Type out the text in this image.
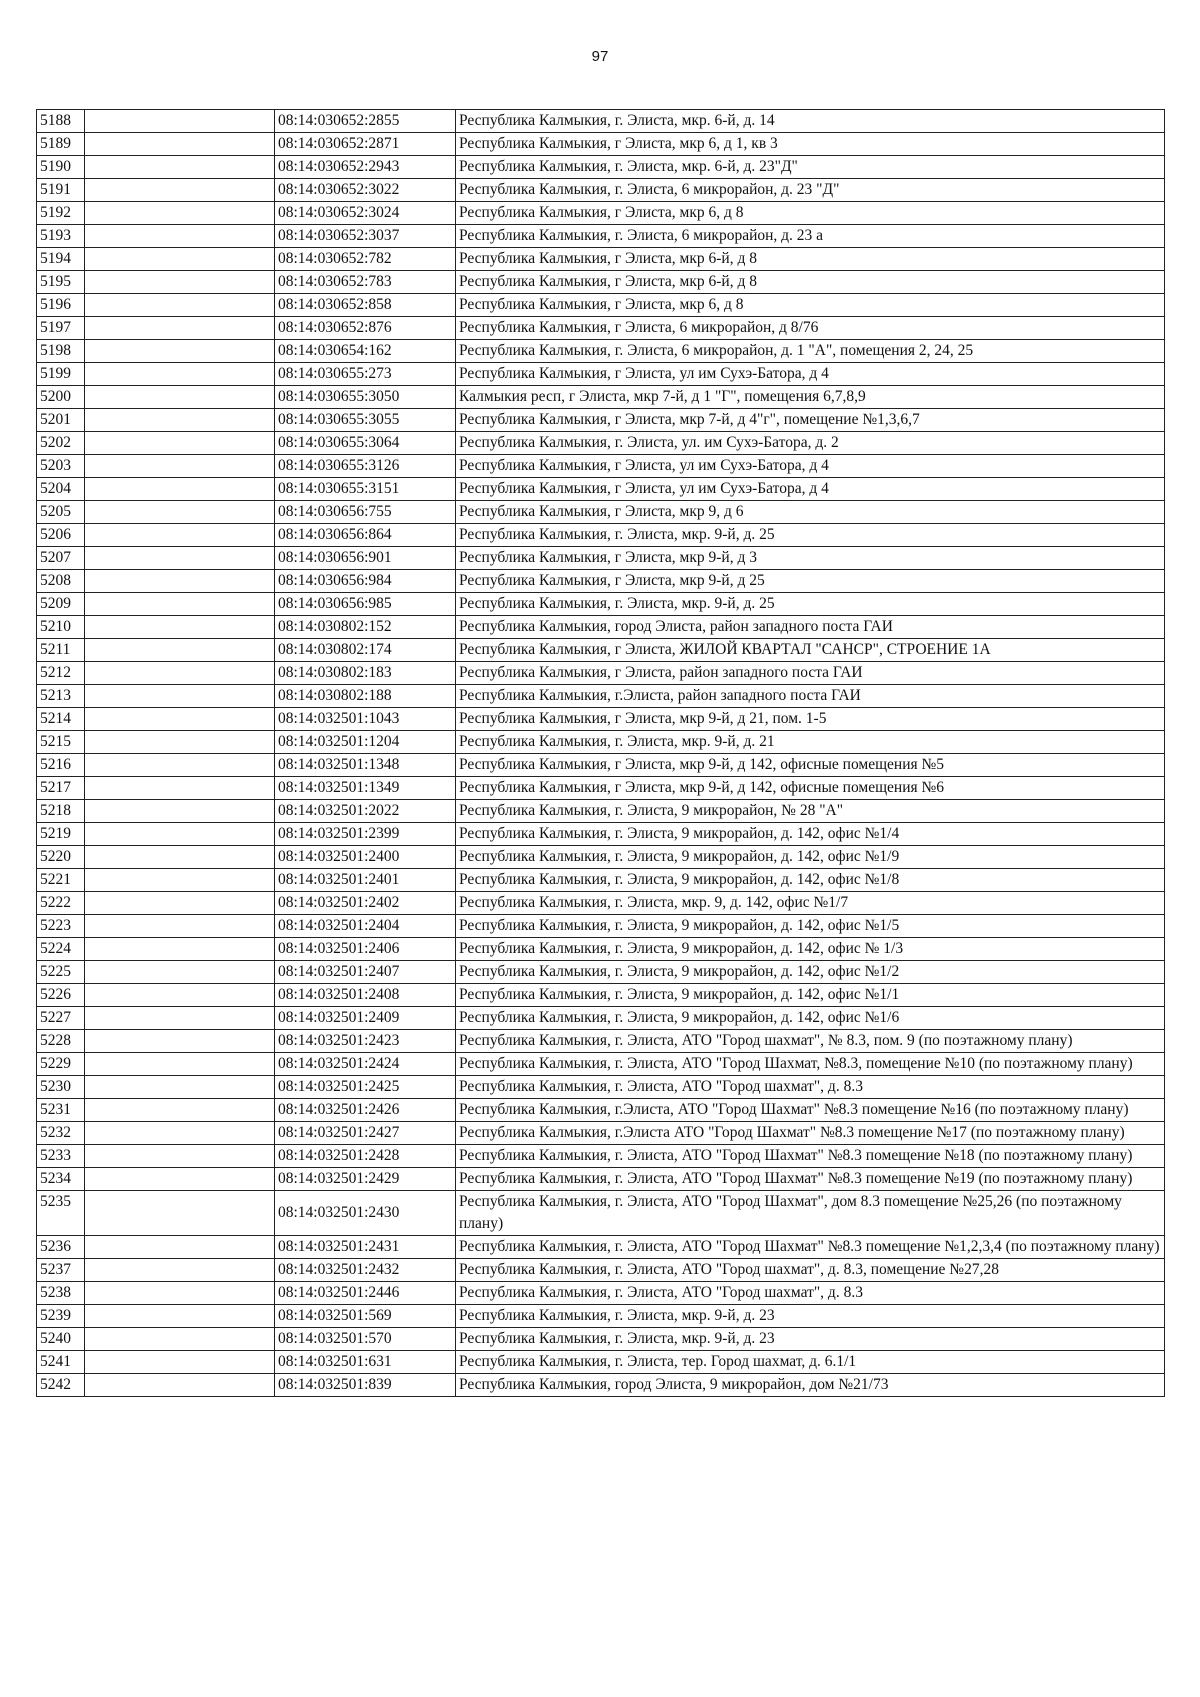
97
5188		08:14:030652:2855	Республика Калмыкия, г. Элиста, мкр. 6-й, д. 14
5189		08:14:030652:2871	Республика Калмыкия, г Элиста, мкр 6, д 1, кв 3
5190		08:14:030652:2943	Республика Калмыкия, г. Элиста, мкр. 6-й, д. 23"Д"
5191		08:14:030652:3022	Республика Калмыкия, г. Элиста, 6 микрорайон, д. 23 "Д"
5192		08:14:030652:3024	Республика Калмыкия, г Элиста, мкр 6, д 8
5193		08:14:030652:3037	Республика Калмыкия, г. Элиста, 6 микрорайон, д. 23 а
5194		08:14:030652:782	Республика Калмыкия, г Элиста, мкр 6-й, д 8
5195		08:14:030652:783	Республика Калмыкия, г Элиста, мкр 6-й, д 8
5196		08:14:030652:858	Республика Калмыкия, г Элиста, мкр 6, д 8
5197		08:14:030652:876	Республика Калмыкия, г Элиста, 6 микрорайон, д 8/76
5198		08:14:030654:162	Республика Калмыкия, г. Элиста, 6 микрорайон, д. 1 "А", помещения 2, 24, 25
5199		08:14:030655:273	Республика Калмыкия, г Элиста, ул им Сухэ-Батора, д 4
5200		08:14:030655:3050	Калмыкия респ, г Элиста, мкр 7-й, д 1 "Г", помещения 6,7,8,9
5201		08:14:030655:3055	Республика Калмыкия, г Элиста, мкр 7-й, д 4"г", помещение №1,3,6,7
5202		08:14:030655:3064	Республика Калмыкия, г. Элиста, ул. им Сухэ-Батора, д. 2
5203		08:14:030655:3126	Республика Калмыкия, г Элиста, ул им Сухэ-Батора, д 4
5204		08:14:030655:3151	Республика Калмыкия, г Элиста, ул им Сухэ-Батора, д 4
5205		08:14:030656:755	Республика Калмыкия, г Элиста, мкр 9, д 6
5206		08:14:030656:864	Республика Калмыкия, г. Элиста, мкр. 9-й, д. 25
5207		08:14:030656:901	Республика Калмыкия, г Элиста, мкр 9-й, д 3
5208		08:14:030656:984	Республика Калмыкия, г Элиста, мкр 9-й, д 25
5209		08:14:030656:985	Республика Калмыкия, г. Элиста, мкр. 9-й, д. 25
5210		08:14:030802:152	Республика Калмыкия, город Элиста, район западного поста ГАИ
5211		08:14:030802:174	Республика Калмыкия, г Элиста, ЖИЛОЙ КВАРТАЛ "САНСР", СТРОЕНИЕ 1А
5212		08:14:030802:183	Республика Калмыкия, г Элиста, район западного поста ГАИ
5213		08:14:030802:188	Республика Калмыкия, г.Элиста, район западного поста ГАИ
5214		08:14:032501:1043	Республика Калмыкия, г Элиста, мкр 9-й, д 21, пом. 1-5
5215		08:14:032501:1204	Республика Калмыкия, г. Элиста, мкр. 9-й, д. 21
5216		08:14:032501:1348	Республика Калмыкия, г Элиста, мкр 9-й, д 142, офисные помещения №5
5217		08:14:032501:1349	Республика Калмыкия, г Элиста, мкр 9-й, д 142, офисные помещения №6
5218		08:14:032501:2022	Республика Калмыкия, г. Элиста, 9 микрорайон, № 28 "А"
5219		08:14:032501:2399	Республика Калмыкия, г. Элиста, 9 микрорайон, д. 142, офис №1/4
5220		08:14:032501:2400	Республика Калмыкия, г. Элиста, 9 микрорайон, д. 142, офис №1/9
5221		08:14:032501:2401	Республика Калмыкия, г. Элиста, 9 микрорайон, д. 142, офис №1/8
5222		08:14:032501:2402	Республика Калмыкия, г. Элиста, мкр. 9, д. 142, офис №1/7
5223		08:14:032501:2404	Республика Калмыкия, г. Элиста, 9 микрорайон, д. 142, офис №1/5
5224		08:14:032501:2406	Республика Калмыкия, г. Элиста, 9 микрорайон, д. 142, офис № 1/3
5225		08:14:032501:2407	Республика Калмыкия, г. Элиста, 9 микрорайон, д. 142, офис №1/2
5226		08:14:032501:2408	Республика Калмыкия, г. Элиста, 9 микрорайон, д. 142, офис №1/1
5227		08:14:032501:2409	Республика Калмыкия, г. Элиста, 9 микрорайон, д. 142, офис №1/6
5228		08:14:032501:2423	Республика Калмыкия, г. Элиста, АТО "Город шахмат", № 8.3, пом. 9 (по поэтажному плану)
5229		08:14:032501:2424	Республика Калмыкия, г. Элиста, АТО "Город Шахмат, №8.3, помещение №10 (по поэтажному плану)
5230		08:14:032501:2425	Республика Калмыкия, г. Элиста, АТО "Город шахмат", д. 8.3
5231		08:14:032501:2426	Республика Калмыкия, г.Элиста, АТО "Город Шахмат" №8.3 помещение №16 (по поэтажному плану)
5232		08:14:032501:2427	Республика Калмыкия, г.Элиста АТО "Город Шахмат" №8.3 помещение №17 (по поэтажному плану)
5233		08:14:032501:2428	Республика Калмыкия, г. Элиста, АТО "Город Шахмат" №8.3 помещение №18 (по поэтажному плану)
5234		08:14:032501:2429	Республика Калмыкия, г. Элиста, АТО "Город Шахмат" №8.3 помещение №19 (по поэтажному плану)
5235		08:14:032501:2430	Республика Калмыкия, г. Элиста, АТО "Город Шахмат", дом 8.3 помещение №25,26 (по поэтажному плану)
5236		08:14:032501:2431	Республика Калмыкия, г. Элиста, АТО "Город Шахмат" №8.3 помещение №1,2,3,4 (по поэтажному плану)
5237		08:14:032501:2432	Республика Калмыкия, г. Элиста, АТО "Город шахмат", д. 8.3, помещение №27,28
5238		08:14:032501:2446	Республика Калмыкия, г. Элиста, АТО "Город шахмат", д. 8.3
5239		08:14:032501:569	Республика Калмыкия, г. Элиста, мкр. 9-й, д. 23
5240		08:14:032501:570	Республика Калмыкия, г. Элиста, мкр. 9-й, д. 23
5241		08:14:032501:631	Республика Калмыкия, г. Элиста, тер. Город шахмат, д. 6.1/1
5242		08:14:032501:839	Республика Калмыкия, город Элиста, 9 микрорайон, дом №21/73
